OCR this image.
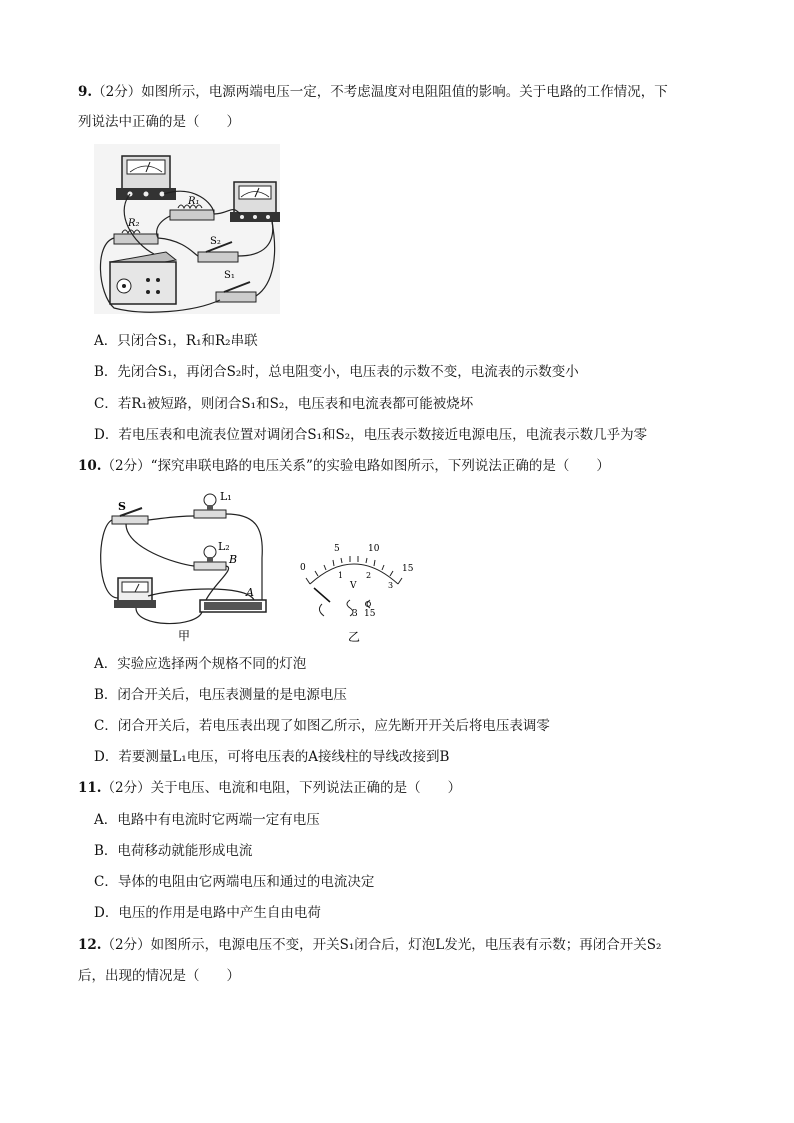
9.（2分）如图所示，电源两端电压一定，不考虑温度对电阻阻值的影响。关于电路的工作情况，下
列说法中正确的是（　　）
R₁
R₂
S₂
S₁
A．只闭合S₁，R₁和R₂串联
B．先闭合S₁，再闭合S₂时，总电阻变小，电压表的示数不变，电流表的示数变小
C．若R₁被短路，则闭合S₁和S₂，电压表和电流表都可能被烧坏
D．若电压表和电流表位置对调闭合S₁和S₂，电压表示数接近电源电压，电流表示数几乎为零
10.（2分）“探究串联电路的电压关系”的实验电路如图所示，下列说法正确的是（　　）
S
L₁
L₂
B
A
甲
0
5	10
15
1	2
3
V
3 15
乙
A．实验应选择两个规格不同的灯泡
B．闭合开关后，电压表测量的是电源电压
C．闭合开关后，若电压表出现了如图乙所示，应先断开开关后将电压表调零
D．若要测量L₁电压，可将电压表的A接线柱的导线改接到B
11.（2分）关于电压、电流和电阻，下列说法正确的是（　　）
A．电路中有电流时它两端一定有电压
B．电荷移动就能形成电流
C．导体的电阻由它两端电压和通过的电流决定
D．电压的作用是电路中产生自由电荷
12.（2分）如图所示，电源电压不变，开关S₁闭合后，灯泡L发光，电压表有示数；再闭合开关S₂
后，出现的情况是（　　）
